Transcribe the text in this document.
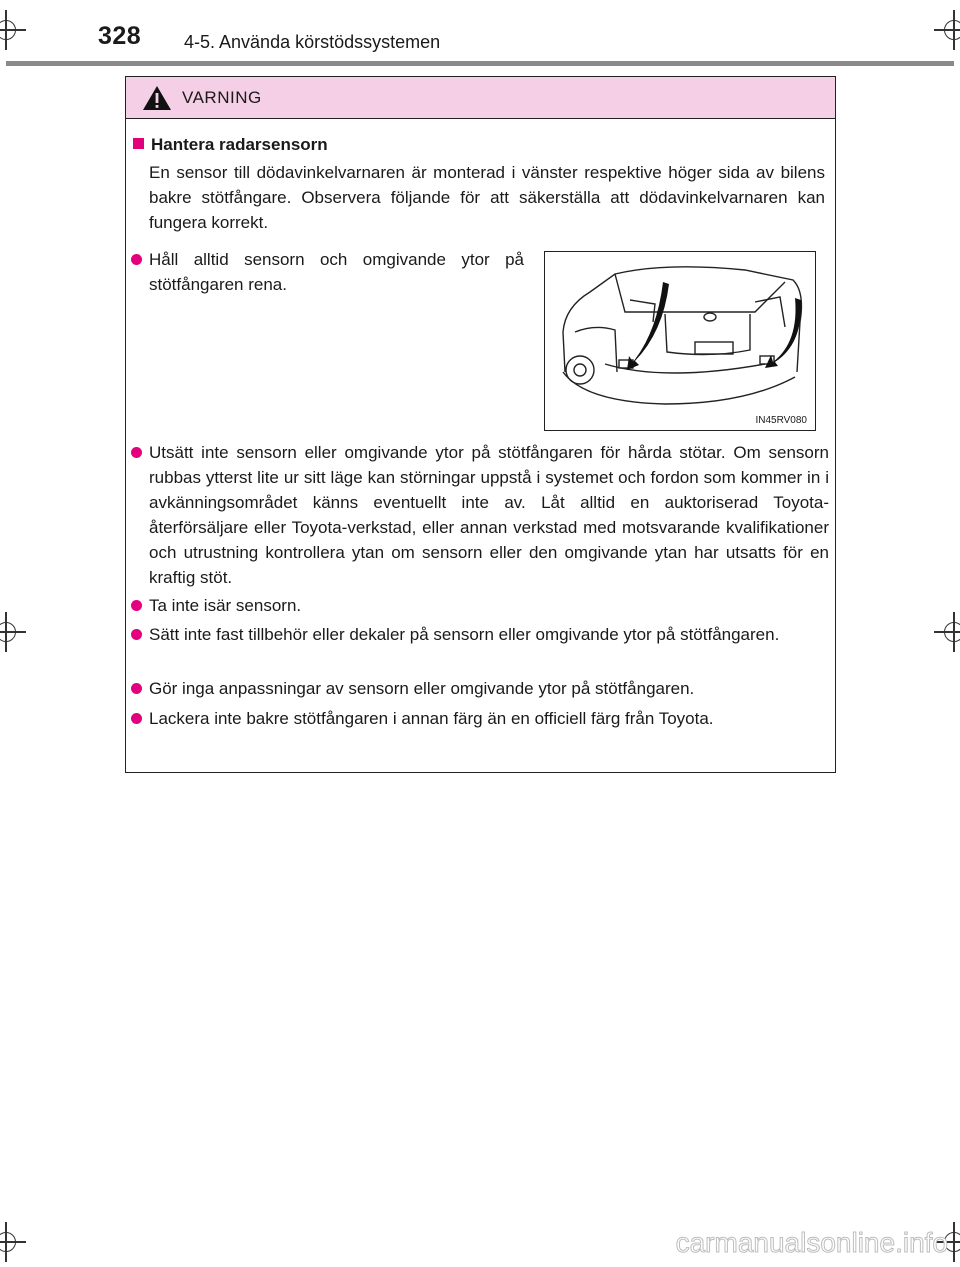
328 4-5. Använda körstödssystemen
VARNING
Hantera radarsensorn
En sensor till dödavinkelvarnaren är monterad i vänster respektive höger sida av bilens bakre stötfångare. Observera följande för att säkerställa att dödavinkelvarnaren kan fungera korrekt.
Håll alltid sensorn och omgivande ytor på stötfångaren rena.
IN45RV080
Utsätt inte sensorn eller omgivande ytor på stötfångaren för hårda stötar. Om sensorn rubbas ytterst lite ur sitt läge kan störningar uppstå i systemet och fordon som kommer in i avkänningsområdet känns eventuellt inte av. Låt alltid en auktoriserad Toyota-återförsäljare eller Toyota-verkstad, eller annan verkstad med motsvarande kvalifikationer och utrustning kontrollera ytan om sensorn eller den omgivande ytan har utsatts för en kraftig stöt.
Ta inte isär sensorn.
Sätt inte fast tillbehör eller dekaler på sensorn eller omgivande ytor på stötfångaren.
Gör inga anpassningar av sensorn eller omgivande ytor på stötfångaren.
Lackera inte bakre stötfångaren i annan färg än en officiell färg från Toyota.
carmanualsonline.info
